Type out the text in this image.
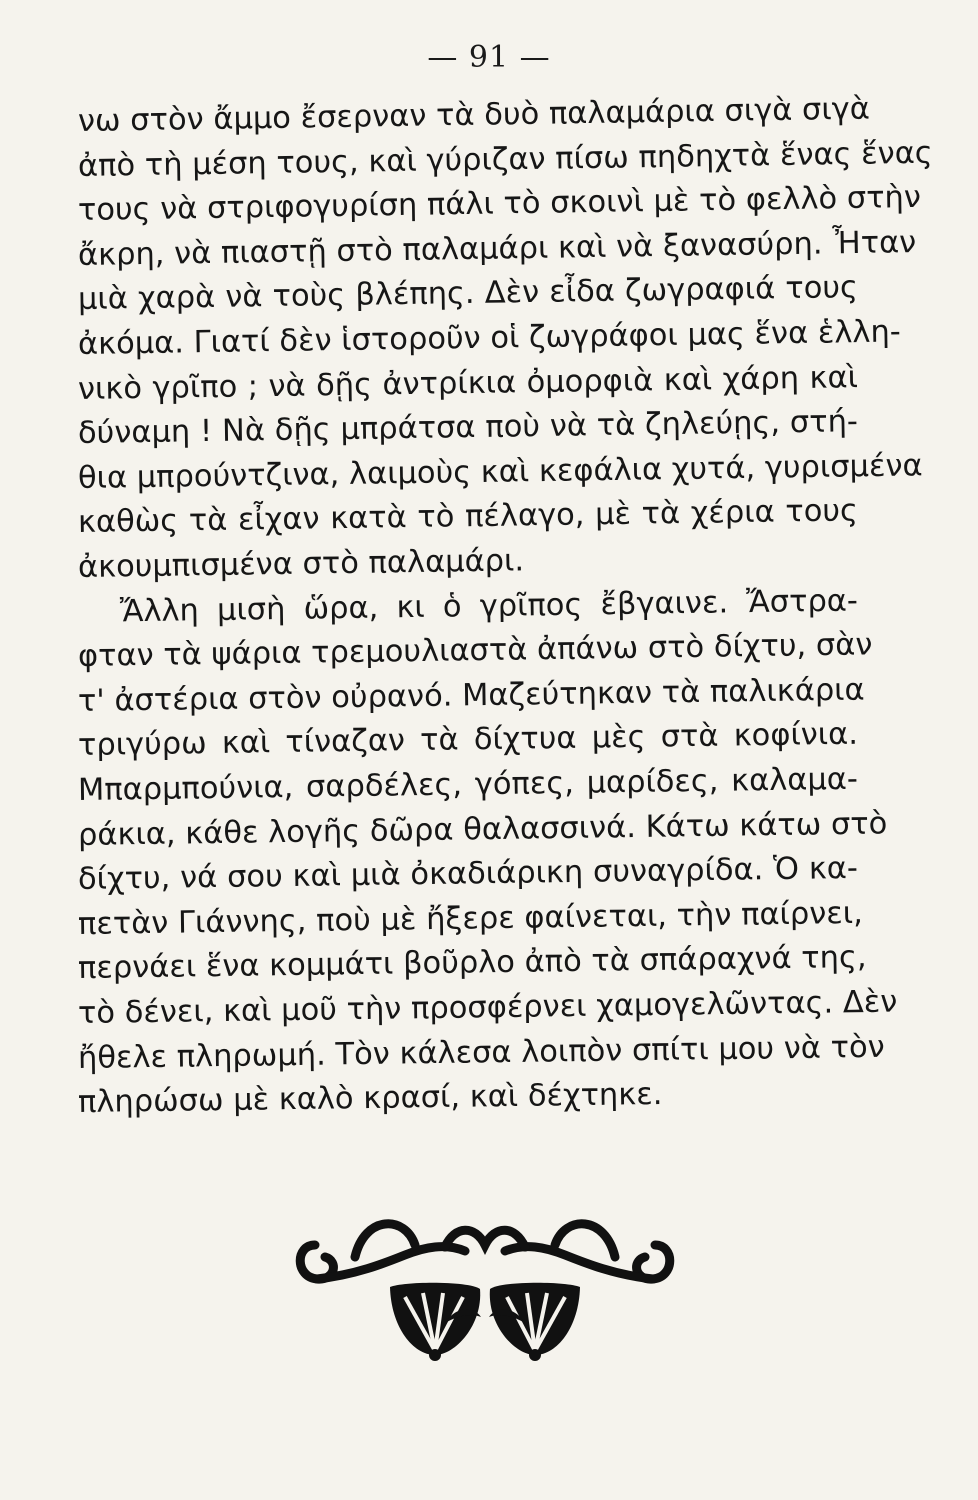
— 91 —
νω στὸν ἄμμο ἔσερναν τὰ δυὸ παλαμάρια σιγὰ σιγὰ
ἀπὸ τὴ μέση τους, καὶ γύριζαν πίσω πηδηχτὰ ἕνας ἕνας
τους νὰ στριφογυρίση πάλι τὸ σκοινὶ μὲ τὸ φελλὸ στὴν
ἄκρη, νὰ πιαστῇ στὸ παλαμάρι καὶ νὰ ξανασύρη. Ἦταν
μιὰ χαρὰ νὰ τοὺς βλέπης. Δὲν εἶδα ζωγραφιά τους
ἀκόμα. Γιατί δὲν ἱστοροῦν οἱ ζωγράφοι μας ἕνα ἑλλη-
νικὸ γρῖπο ; νὰ δῇς ἀντρίκια ὀμορφιὰ καὶ χάρη καὶ
δύναμη ! Νὰ δῇς μπράτσα ποὺ νὰ τὰ ζηλεύῃς, στή-
θια μπρούντζινα, λαιμοὺς καὶ κεφάλια χυτά, γυρισμένα
καθὼς τὰ εἶχαν κατὰ τὸ πέλαγο, μὲ τὰ χέρια τους
ἀκουμπισμένα στὸ παλαμάρι.
Ἄλλη μισὴ ὥρα, κι ὁ γρῖπος ἔβγαινε. Ἄστρα-
φταν τὰ ψάρια τρεμουλιαστὰ ἀπάνω στὸ δίχτυ, σὰν
τ' ἀστέρια στὸν οὐρανό. Μαζεύτηκαν τὰ παλικάρια
τριγύρω καὶ τίναζαν τὰ δίχτυα μὲς στὰ κοφίνια.
Μπαρμπούνια, σαρδέλες, γόπες, μαρίδες, καλαμα-
ράκια, κάθε λογῆς δῶρα θαλασσινά. Κάτω κάτω στὸ
δίχτυ, νά σου καὶ μιὰ ὀκαδιάρικη συναγρίδα. Ὁ κα-
πετὰν Γιάννης, ποὺ μὲ ἤξερε φαίνεται, τὴν παίρνει,
περνάει ἕνα κομμάτι βοῦρλο ἀπὸ τὰ σπάραχνά της,
τὸ δένει, καὶ μοῦ τὴν προσφέρνει χαμογελῶντας. Δὲν
ἤθελε πληρωμή. Τὸν κάλεσα λοιπὸν σπίτι μου νὰ τὸν
πληρώσω μὲ καλὸ κρασί, καὶ δέχτηκε.
